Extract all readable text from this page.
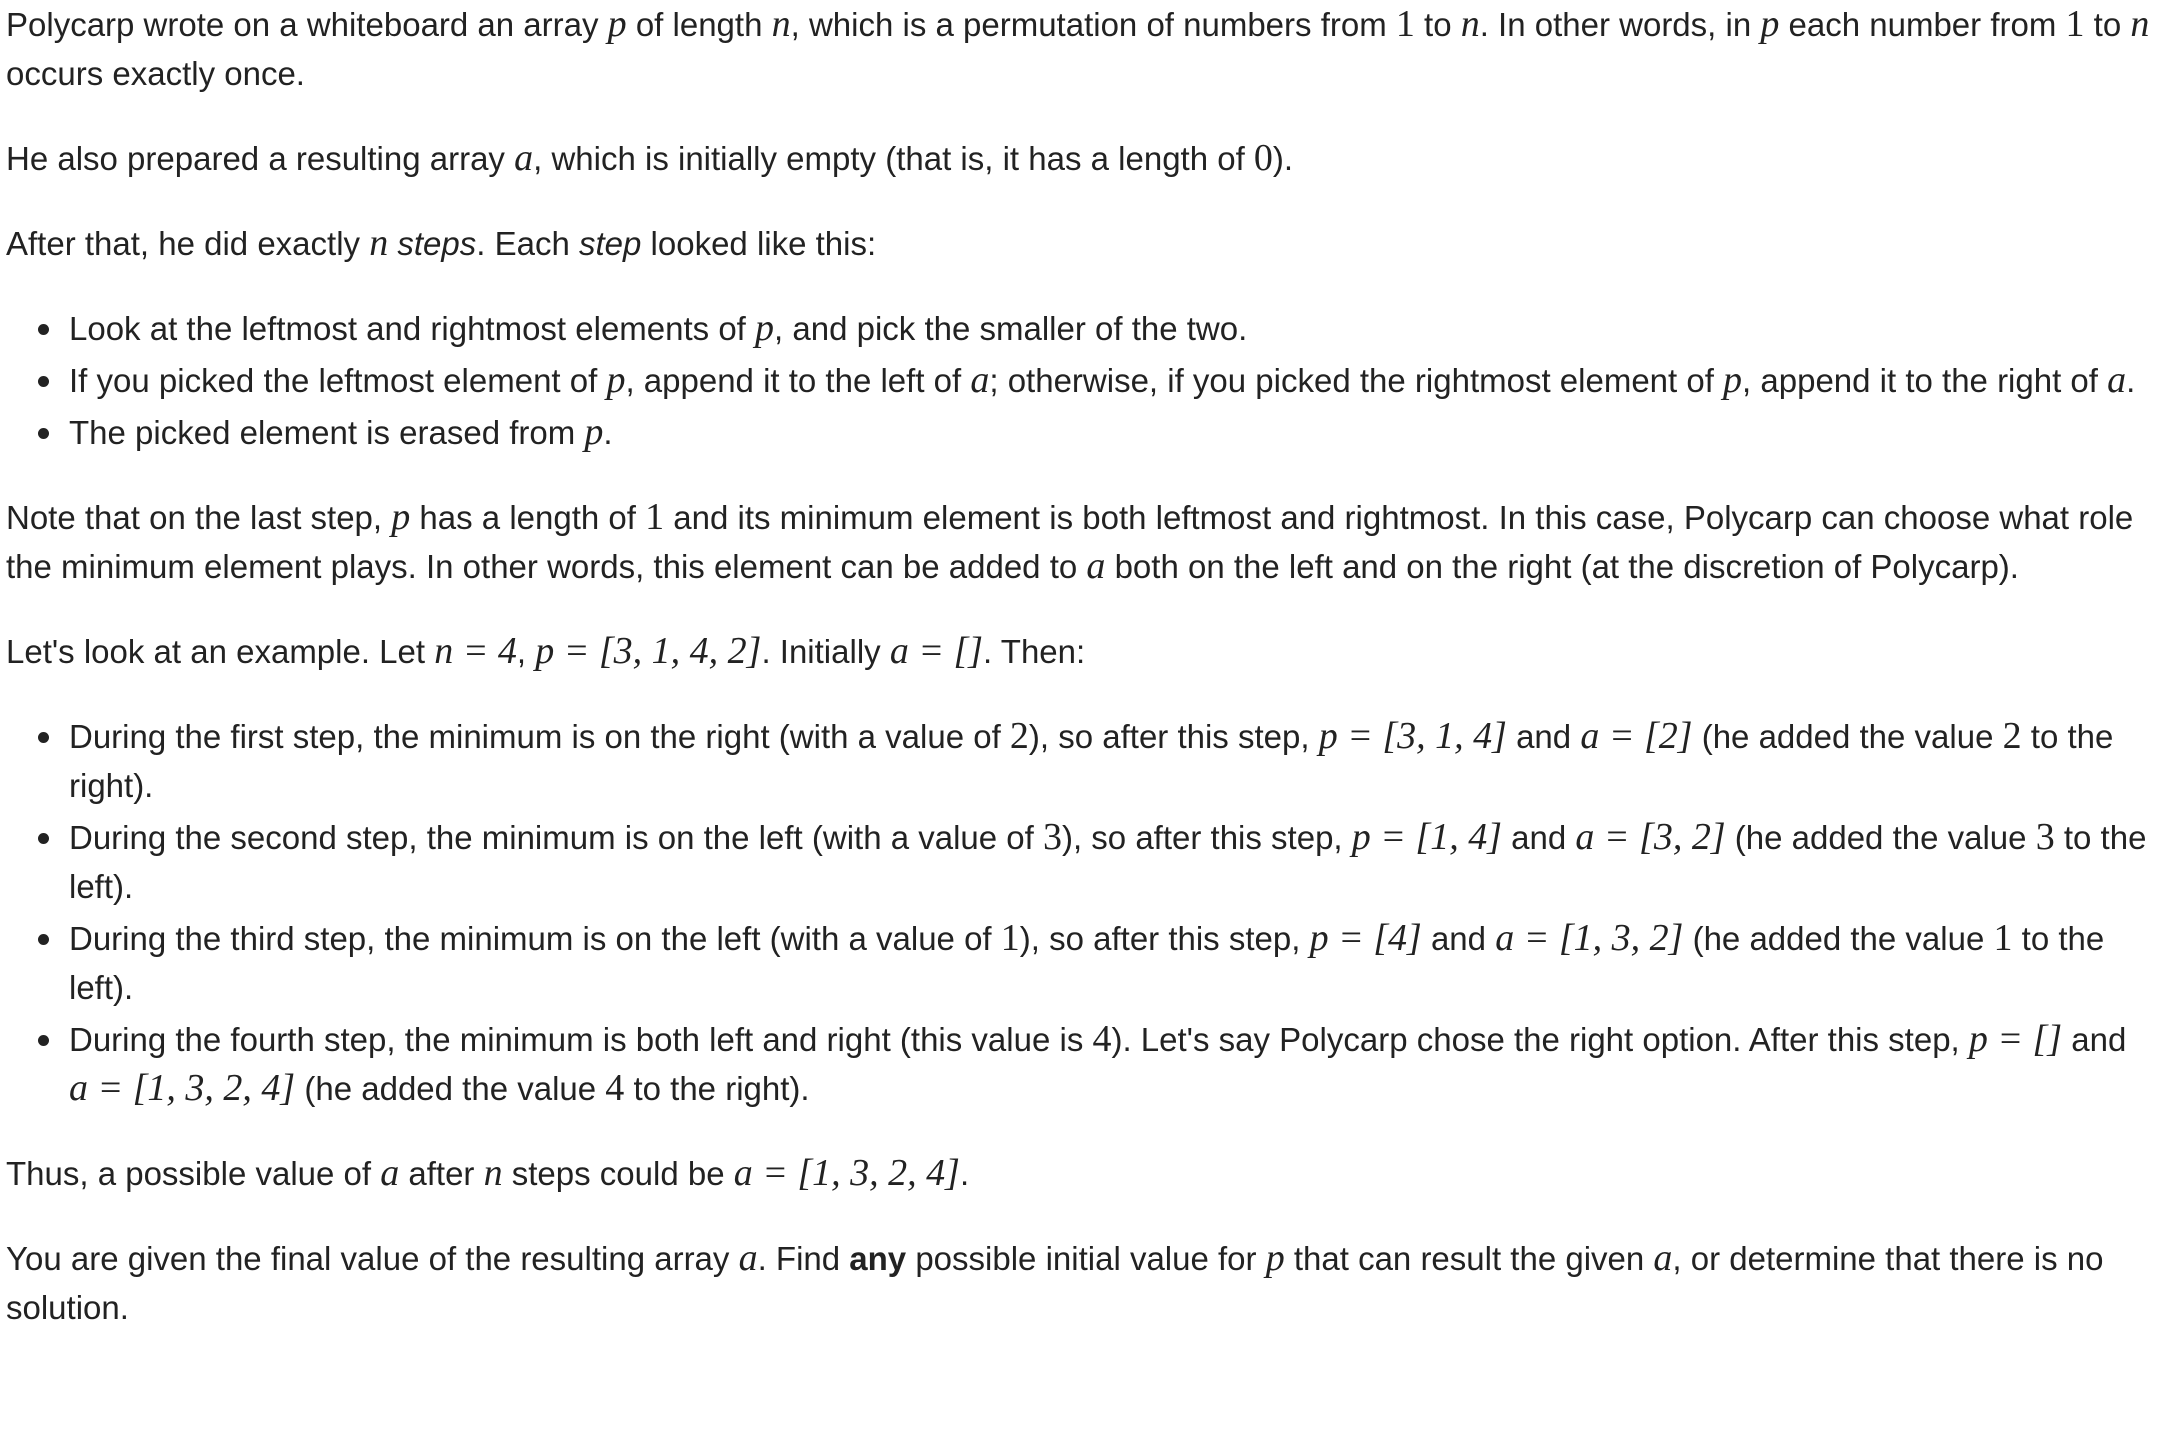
Polycarp wrote on a whiteboard an array p of length n, which is a permutation of numbers from 1 to n. In other words, in p each number from 1 to n occurs exactly once.

He also prepared a resulting array a, which is initially empty (that is, it has a length of 0).

After that, he did exactly n steps. Each step looked like this:

Look at the leftmost and rightmost elements of p, and pick the smaller of the two.
If you picked the leftmost element of p, append it to the left of a; otherwise, if you picked the rightmost element of p, append it to the right of a.
The picked element is erased from p.

Note that on the last step, p has a length of 1 and its minimum element is both leftmost and rightmost. In this case, Polycarp can choose what role the minimum element plays. In other words, this element can be added to a both on the left and on the right (at the discretion of Polycarp).

Let's look at an example. Let n = 4, p = [3, 1, 4, 2]. Initially a = []. Then:

During the first step, the minimum is on the right (with a value of 2), so after this step, p = [3, 1, 4] and a = [2] (he added the value 2 to the right).
During the second step, the minimum is on the left (with a value of 3), so after this step, p = [1, 4] and a = [3, 2] (he added the value 3 to the left).
During the third step, the minimum is on the left (with a value of 1), so after this step, p = [4] and a = [1, 3, 2] (he added the value 1 to the left).
During the fourth step, the minimum is both left and right (this value is 4). Let's say Polycarp chose the right option. After this step, p = [] and a = [1, 3, 2, 4] (he added the value 4 to the right).

Thus, a possible value of a after n steps could be a = [1, 3, 2, 4].

You are given the final value of the resulting array a. Find any possible initial value for p that can result the given a, or determine that there is no solution.
